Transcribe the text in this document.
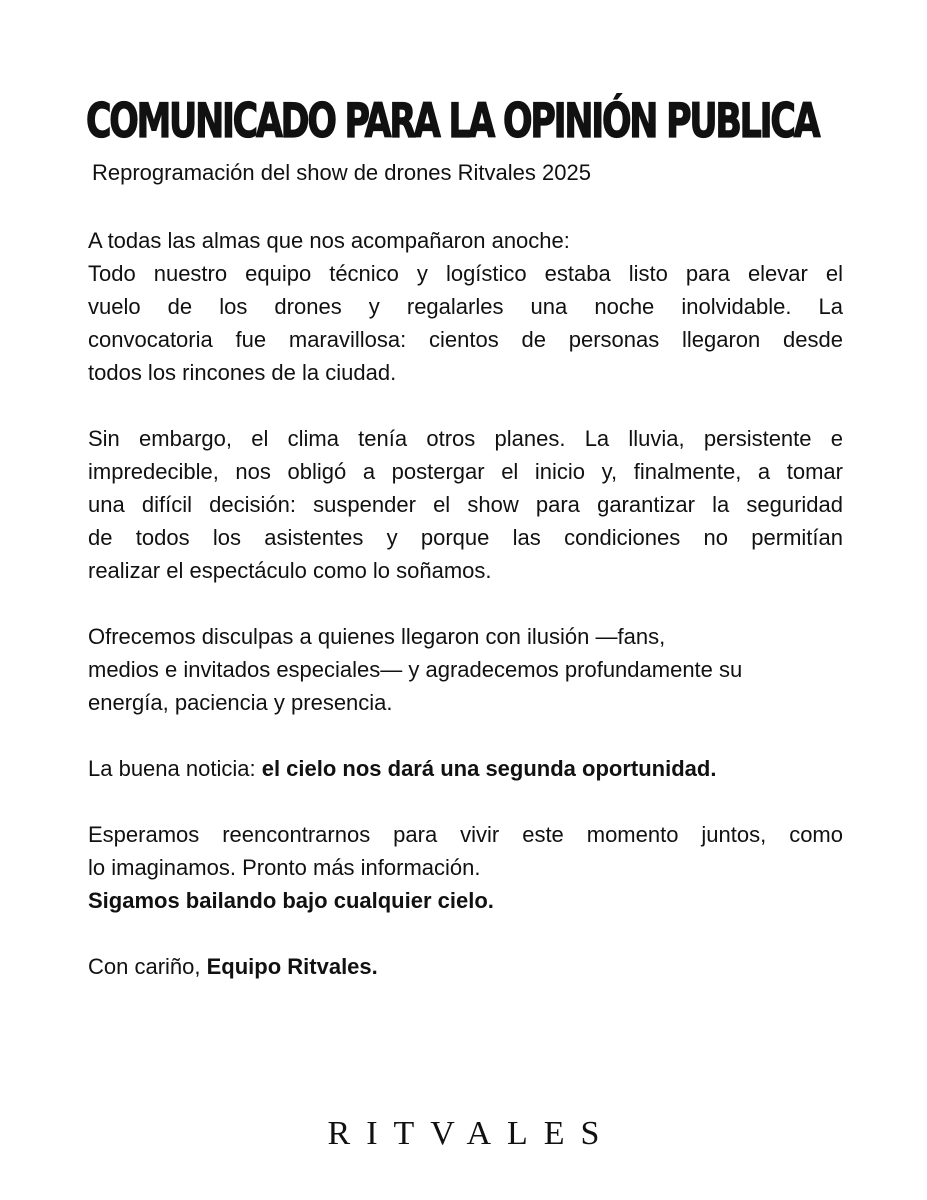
COMUNICADO PARA LA OPINIÓN PUBLICA

Reprogramación del show de drones Ritvales 2025

A todas las almas que nos acompañaron anoche:
Todo nuestro equipo técnico y logístico estaba listo para elevar el
vuelo de los drones y regalarles una noche inolvidable. La
convocatoria fue maravillosa: cientos de personas llegaron desde
todos los rincones de la ciudad.

Sin embargo, el clima tenía otros planes. La lluvia, persistente e
impredecible, nos obligó a postergar el inicio y, finalmente, a tomar
una difícil decisión: suspender el show para garantizar la seguridad
de todos los asistentes y porque las condiciones no permitían
realizar el espectáculo como lo soñamos.

Ofrecemos disculpas a quienes llegaron con ilusión —fans,
medios e invitados especiales— y agradecemos profundamente su
energía, paciencia y presencia.

La buena noticia: el cielo nos dará una segunda oportunidad.

Esperamos reencontrarnos para vivir este momento juntos, como
lo imaginamos. Pronto más información.
Sigamos bailando bajo cualquier cielo.

Con cariño, Equipo Ritvales.

RITVALES
